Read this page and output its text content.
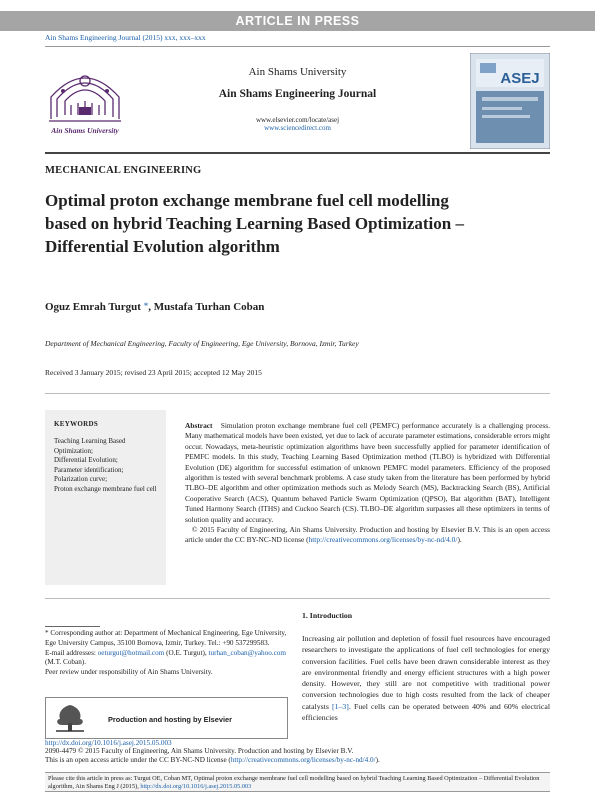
ARTICLE IN PRESS
Ain Shams Engineering Journal (2015) xxx, xxx–xxx
Ain Shams University
Ain Shams University
Ain Shams Engineering Journal
www.elsevier.com/locate/asej
www.sciencedirect.com
ASEJ
MECHANICAL ENGINEERING
Optimal proton exchange membrane fuel cell modelling based on hybrid Teaching Learning Based Optimization – Differential Evolution algorithm
Oguz Emrah Turgut *, Mustafa Turhan Coban
Department of Mechanical Engineering, Faculty of Engineering, Ege University, Bornova, Izmir, Turkey
Received 3 January 2015; revised 23 April 2015; accepted 12 May 2015
KEYWORDS
Teaching Learning Based Optimization;
Differential Evolution;
Parameter identification;
Polarization curve;
Proton exchange membrane fuel cell
Abstract Simulation proton exchange membrane fuel cell (PEMFC) performance accurately is a challenging process. Many mathematical models have been existed, yet due to lack of accurate parameter estimations, considerable errors might occur. Nowadays, meta-heuristic optimization algorithms have been successfully applied for parameter identification of PEMFC models. In this study, Teaching Learning Based Optimization method (TLBO) is hybridized with Differential Evolution (DE) algorithm for successful estimation of unknown PEMFC model parameters. Efficiency of the proposed algorithm is tested with several benchmark problems. A case study taken from the literature has been performed by hybrid TLBO–DE algorithm and other optimization methods such as Melody Search (MS), Backtracking Search (BS), Artificial Cooperative Search (ACS), Quantum behaved Particle Swarm Optimization (QPSO), Bat algorithm (BAT), Intelligent Tuned Harmony Search (ITHS) and Cuckoo Search (CS). TLBO–DE algorithm surpasses all these optimizers in terms of solution quality and accuracy.
© 2015 Faculty of Engineering, Ain Shams University. Production and hosting by Elsevier B.V. This is an open access article under the CC BY-NC-ND license (http://creativecommons.org/licenses/by-nc-nd/4.0/).
1. Introduction
Increasing air pollution and depletion of fossil fuel resources have encouraged researchers to investigate the applications of fuel cell technologies for energy conversion facilities. Fuel cells have been drawn considerable interest as they are environmental friendly and energy efficient structures with a high power density. However, they still are not competitive with traditional power conversion technologies due to high costs resulted from the lack of cheaper catalysts [1–3]. Fuel cells can be operated between 40% and 60% electrical efficiencies
* Corresponding author at: Department of Mechanical Engineering, Ege University, Ege University Campus, 35100 Bornova, Izmir, Turkey. Tel.: +90 537299583.
E-mail addresses: oeturgut@hotmail.com (O.E. Turgut), turhan_coban@yahoo.com (M.T. Coban).
Peer review under responsibility of Ain Shams University.
Production and hosting by Elsevier
http://dx.doi.org/10.1016/j.asej.2015.05.003
2090-4479 © 2015 Faculty of Engineering, Ain Shams University. Production and hosting by Elsevier B.V.
This is an open access article under the CC BY-NC-ND license (http://creativecommons.org/licenses/by-nc-nd/4.0/).
Please cite this article in press as: Turgut OE, Coban MT, Optimal proton exchange membrane fuel cell modelling based on hybrid Teaching Learning Based Optimization – Differential Evolution algorithm, Ain Shams Eng J (2015), http://dx.doi.org/10.1016/j.asej.2015.05.003
